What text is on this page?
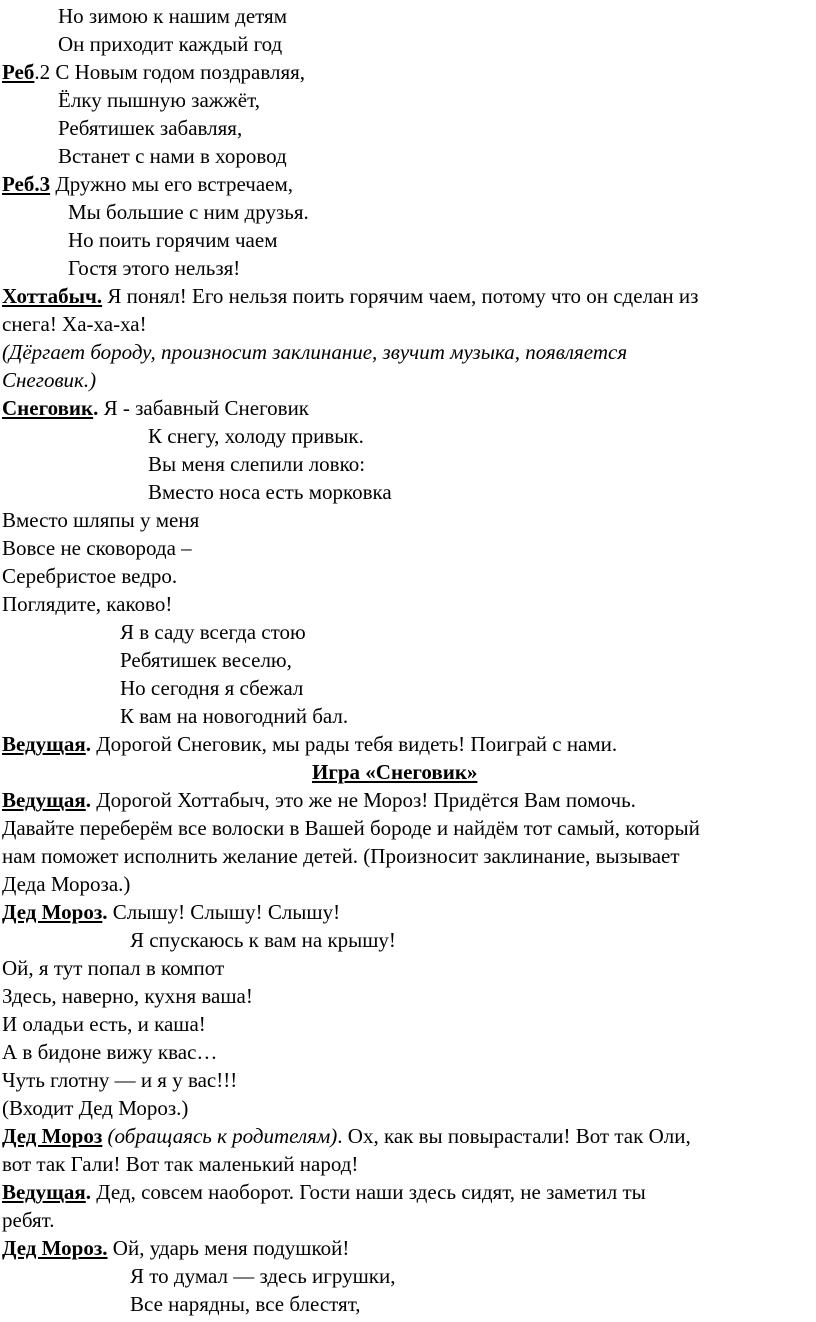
Но зимою к нашим детям
Он приходит каждый год
Реб.2 С Новым годом поздравляя,
Ёлку пышную зажжёт,
Ребятишек забавляя,
Встанет с нами в хоровод
Реб.3 Дружно мы его встречаем,
Мы большие с ним друзья.
Но поить горячим чаем
Гостя этого нельзя!
Хоттабыч. Я понял! Его нельзя поить горячим чаем, потому что он сделан из
снега! Ха-ха-ха!
(Дёргает бороду, произносит заклинание, звучит музыка, появляется
Снеговик.)
Снеговик. Я - забавный Снеговик
К снегу, холоду привык.
Вы меня слепили ловко:
Вместо носа есть морковка
Вместо шляпы у меня
Вовсе не сковорода –
Серебристое ведро.
Поглядите, каково!
Я в саду всегда стою
Ребятишек веселю,
Но сегодня я сбежал
К вам на новогодний бал.
Ведущая. Дорогой Снеговик, мы рады тебя видеть! Поиграй с нами.
Игра «Снеговик»
Ведущая. Дорогой Хоттабыч, это же не Мороз! Придётся Вам помочь.
Давайте переберём все волоски в Вашей бороде и найдём тот самый, который
нам поможет исполнить желание детей. (Произносит заклинание, вызывает
Деда Мороза.)
Дед Мороз. Слышу! Слышу! Слышу!
Я спускаюсь к вам на крышу!
Ой, я тут попал в компот
Здесь, наверно, кухня ваша!
И оладьи есть, и каша!
А в бидоне вижу квас…
Чуть глотну — и я у вас!!!
(Входит Дед Мороз.)
Дед Мороз (обращаясь к родителям). Ох, как вы повырастали! Вот так Оли,
вот так Гали! Вот так маленький народ!
Ведущая. Дед, совсем наоборот. Гости наши здесь сидят, не заметил ты
ребят.
Дед Мороз. Ой, ударь меня подушкой!
Я то думал — здесь игрушки,
Все нарядны, все блестят,
